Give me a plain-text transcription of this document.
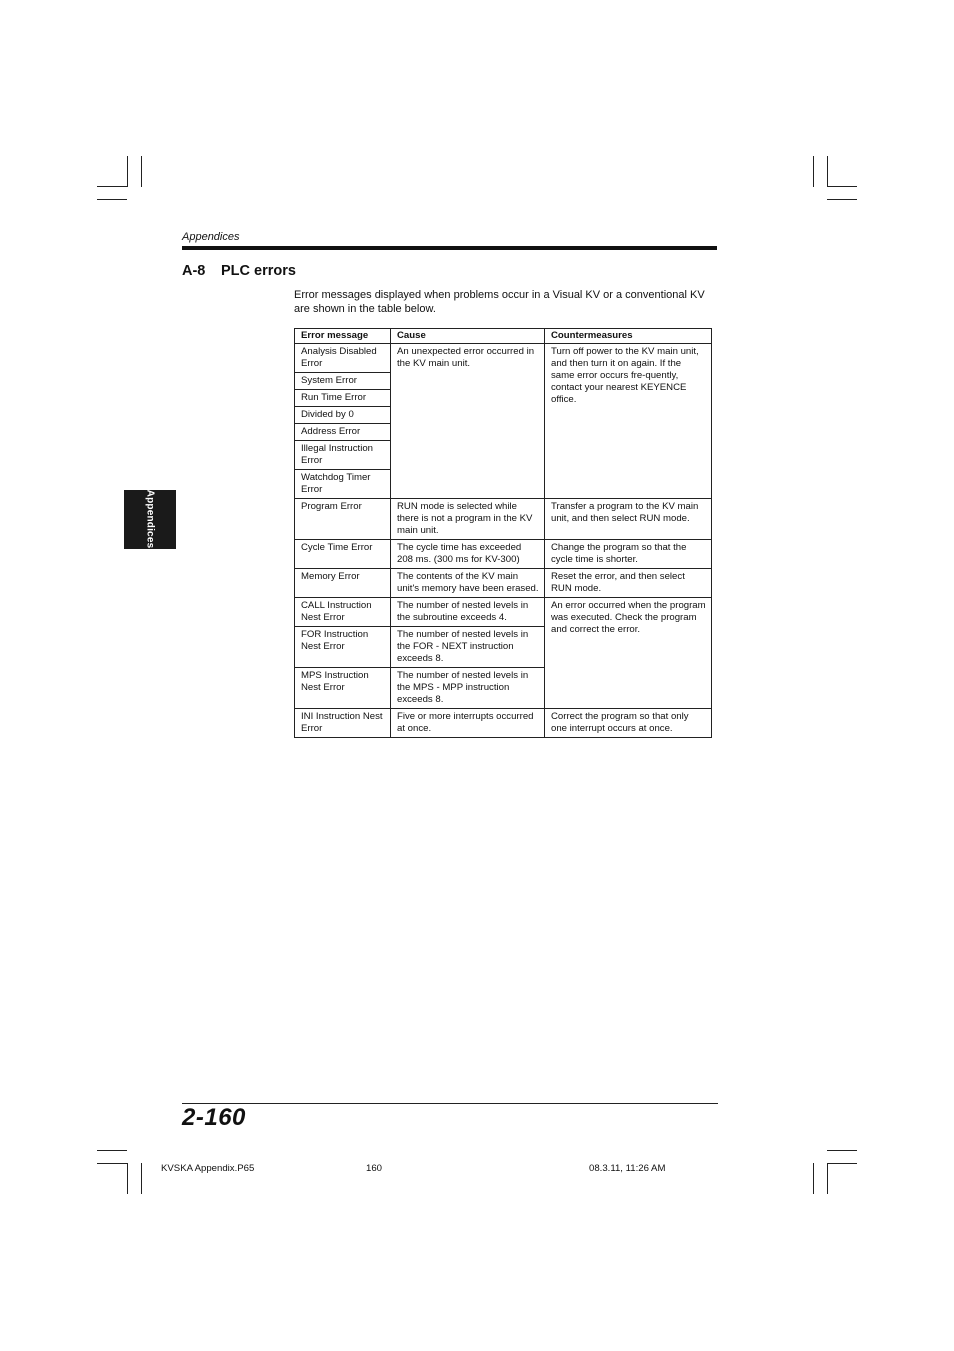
Appendices
A-8 PLC errors
Error messages displayed when problems occur in a Visual KV or a conventional KV are shown in the table below.
Appendices
Error message	Cause	Countermeasures
Analysis Disabled Error	An unexpected error occurred in the KV main unit.	Turn off power to the KV main unit, and then turn it on again. If the same error occurs fre-quently, contact your nearest KEYENCE office.
System Error		
Run Time Error		
Divided by 0		
Address Error		
Illegal Instruction Error		
Watchdog Timer Error		
Program Error	RUN mode is selected while there is not a program in the KV main unit.	Transfer a program to the KV main unit, and then select RUN mode.
Cycle Time Error	The cycle time has exceeded 208 ms. (300 ms for KV-300)	Change the program so that the cycle time is shorter.
Memory Error	The contents of the KV main unit's memory have been erased.	Reset the error, and then select RUN mode.
CALL Instruction Nest Error	The number of nested levels in the subroutine exceeds 4.	An error occurred when the program was executed. Check the program and correct the error.
FOR Instruction Nest Error	The number of nested levels in the FOR - NEXT instruction exceeds 8.	
MPS Instruction Nest Error	The number of nested levels in the MPS - MPP instruction exceeds 8.	
INI Instruction Nest Error	Five or more interrupts occurred at once.	Correct the program so that only one interrupt occurs at once.
2-160
KVSKA Appendix.P65	160	08.3.11, 11:26 AM
